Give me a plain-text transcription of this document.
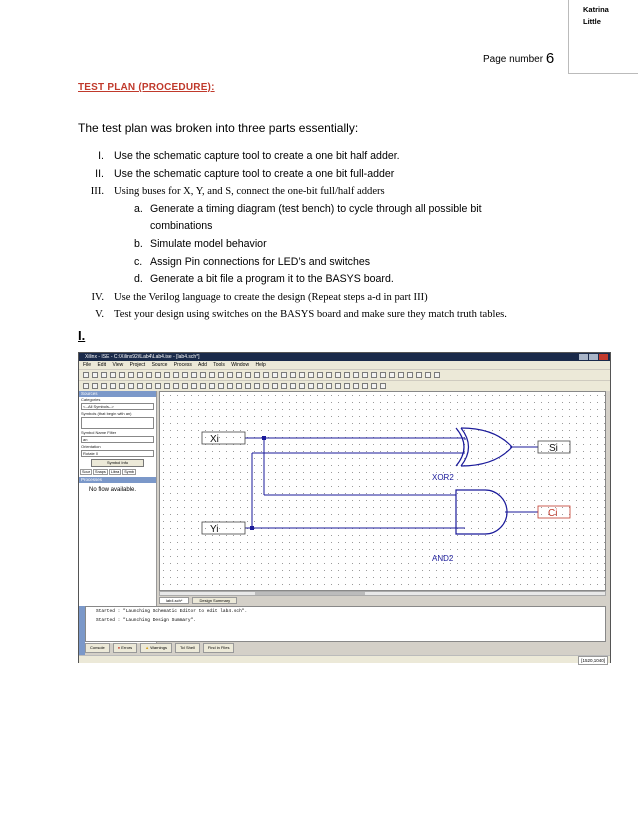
Katrina
Little
Page number 6
TEST PLAN (PROCEDURE):
The test plan was broken into three parts essentially:
I. Use the schematic capture tool to create a one bit half adder.
II. Use the schematic capture tool to create a one bit full-adder
III. Using buses for X, Y, and S, connect the one-bit full/half adders
a. Generate a timing diagram (test bench) to cycle through all possible bit
combinations
b. Simulate model behavior
c. Assign Pin connections for LED’s and switches
d. Generate a bit file a program it to the BASYS board.
IV. Use the Verilog language to create the design (Repeat steps a-d in part III)
V. Test your design using switches on the BASYS board and make sure they match truth tables.
I.
Xilinx - ISE - C:\Xilinx92i\Lab4\Lab4.ise - [lab4.sch*]
File Edit View Project Source Process Add Tools Window Help
Sources
Categories
<--All Symbols-->
Symbols (that begin with an)
Symbol Name Filter
an
Orientation
Rotate 0
Symbol Info
Sour	Snaps	Libra	Symb
Processes
No flow available.
Xi
Yi
Si
Ci
XOR2
AND2
lab4.sch*	Design Summary
Started : "Launching Schematic Editor to edit lab4.sch".
Started : "Launching Design Summary".
Console	● Errors	▲ Warnings	Tcl Shell	Find in Files
[1520,1040]
